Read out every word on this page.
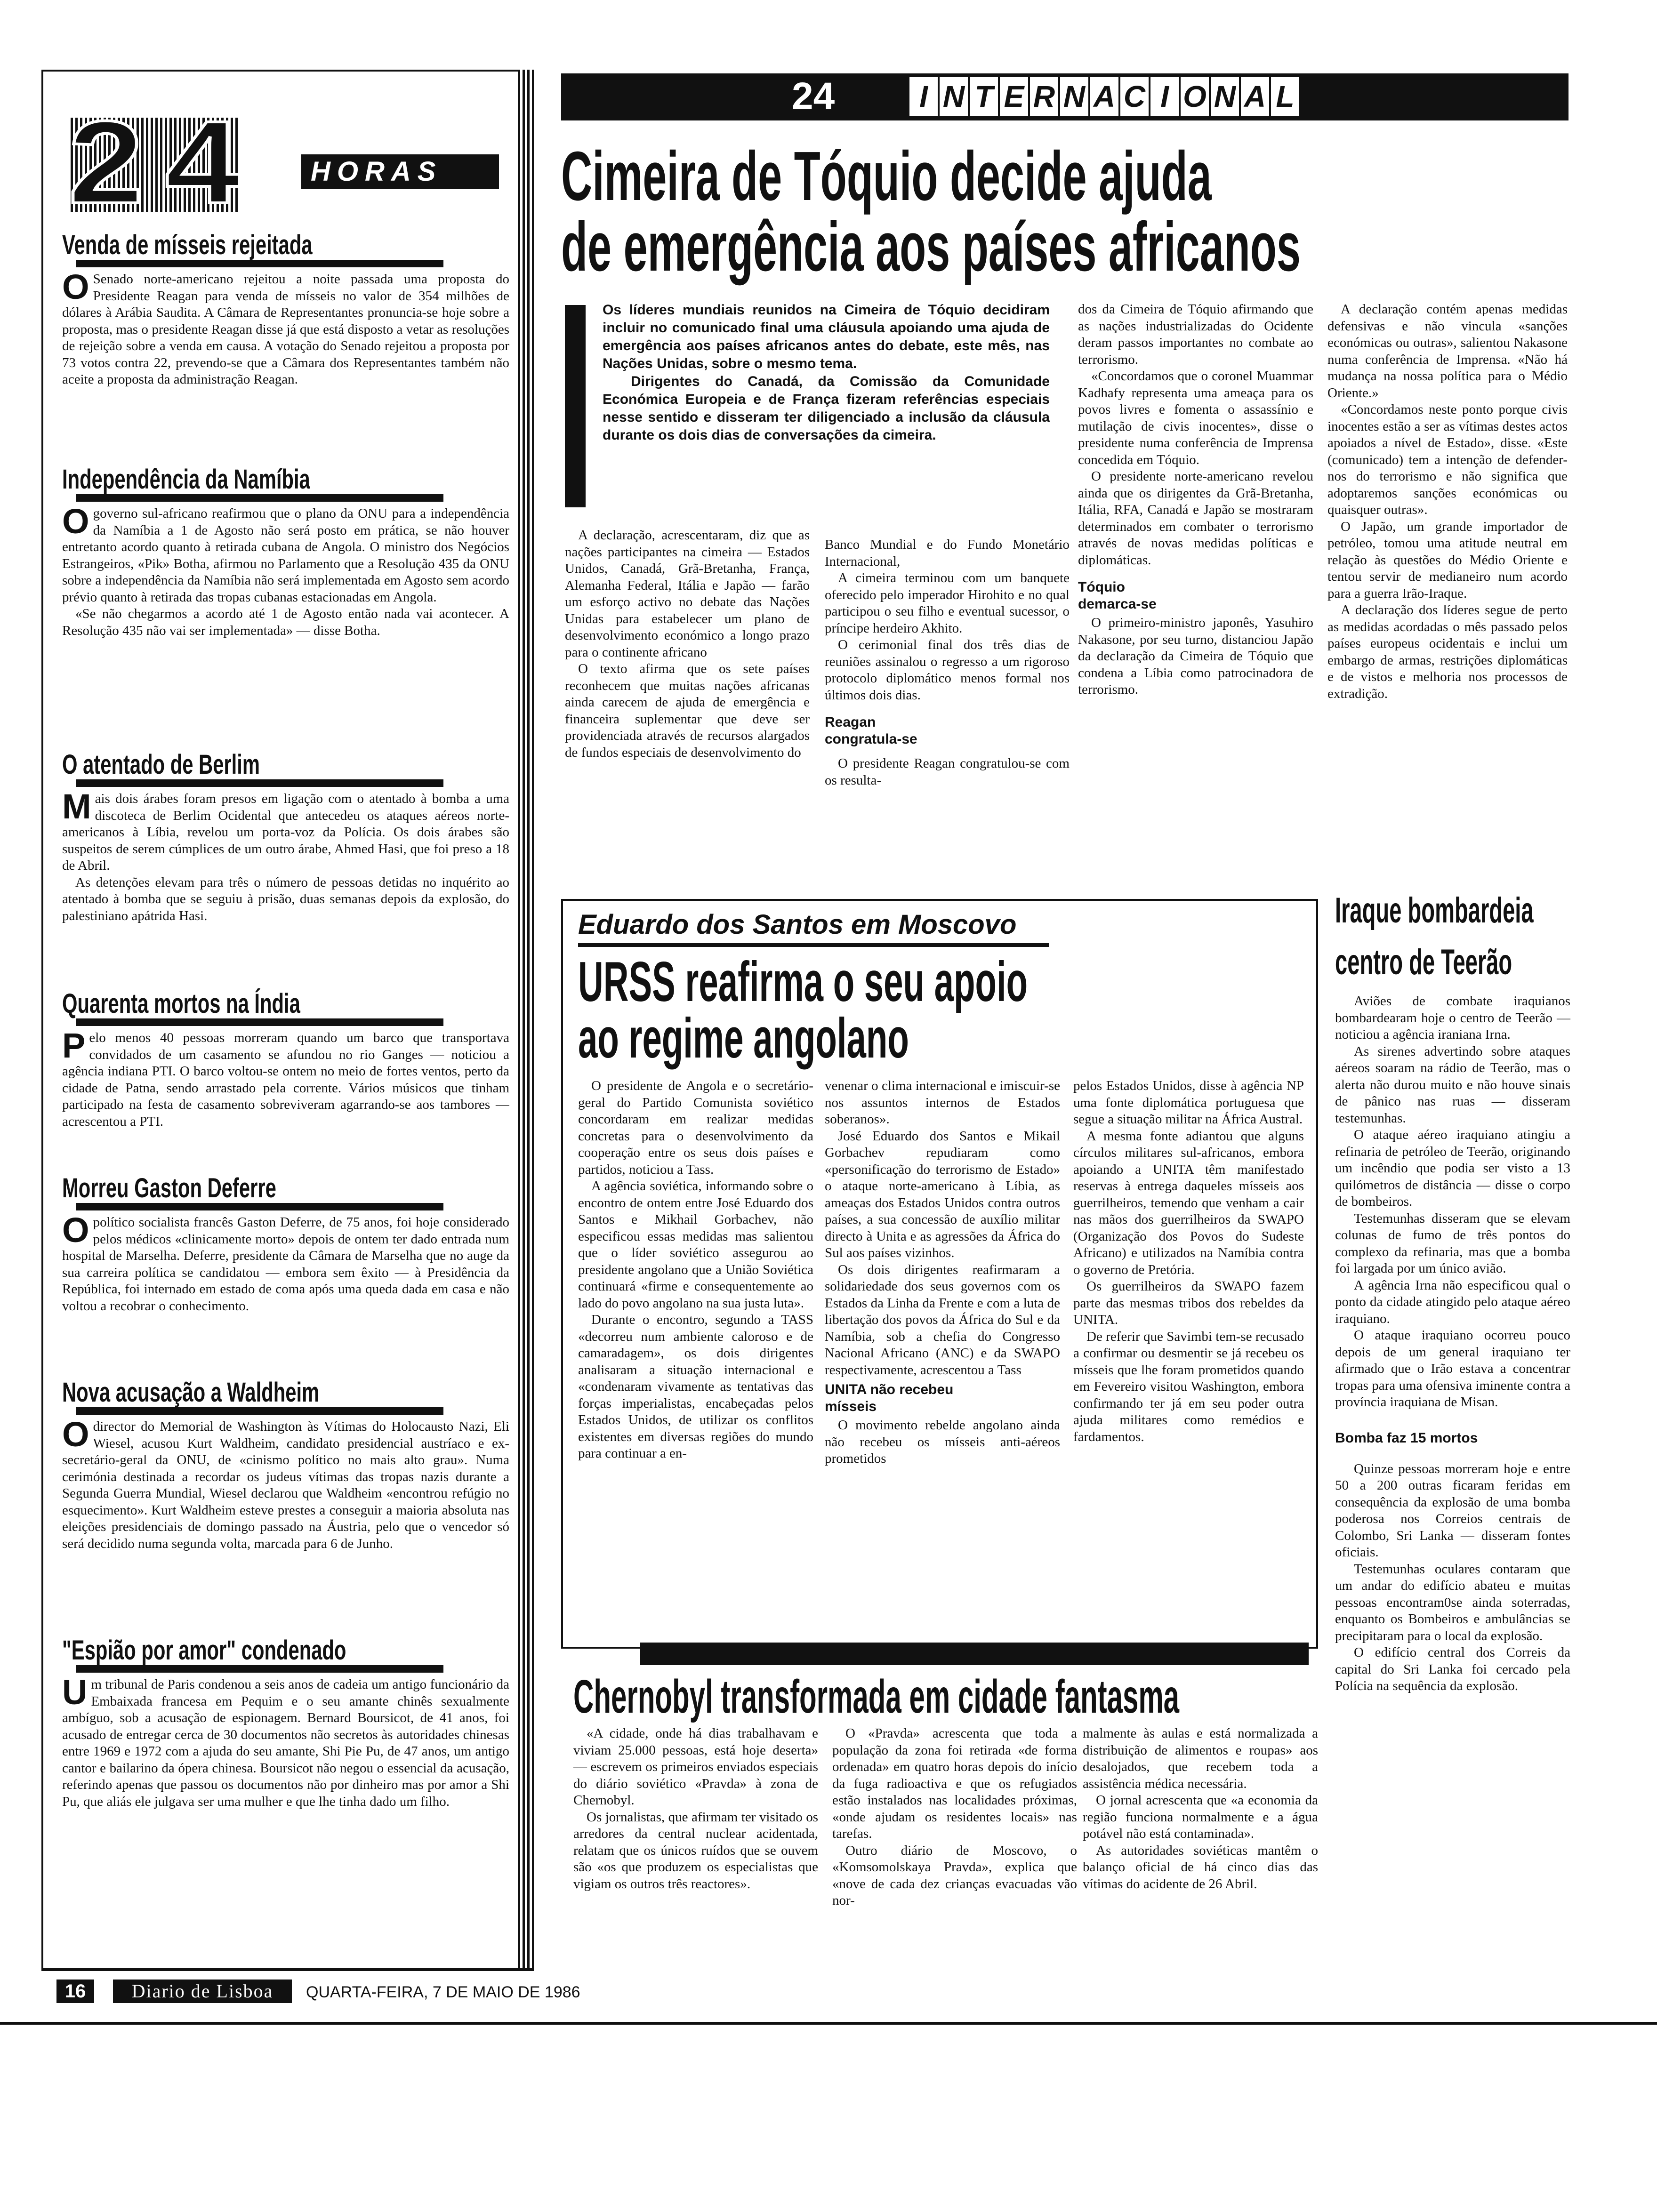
24 HORAS
Venda de mísseis rejeitada

O Senado norte-americano rejeitou a noite passada uma proposta do Presidente Reagan para venda de mísseis no valor de 354 milhões de dólares à Arábia Saudita. A Câmara de Representantes pronuncia-se hoje sobre a proposta, mas o presidente Reagan disse já que está disposto a vetar as resoluções de rejeição sobre a venda em causa. A votação do Senado rejeitou a proposta por 73 votos contra 22, prevendo-se que a Câmara dos Representantes também não aceite a proposta da administração Reagan.

Independência da Namíbia

Ogoverno sul-africano reafirmou que o plano da ONU para a independência da Namíbia a 1 de Agosto não será posto em prática, se não houver entretanto acordo quanto à retirada cubana de Angola. O ministro dos Negócios Estrangeiros, «Pik» Botha, afirmou no Parlamento que a Resolução 435 da ONU sobre a independência da Namíbia não será implementada em Agosto sem acordo prévio quanto à retirada das tropas cubanas estacionadas em Angola.

«Se não chegarmos a acordo até 1 de Agosto então nada vai acontecer. A Resolução 435 não vai ser implementada» — disse Botha.

O atentado de Berlim

Mais dois árabes foram presos em ligação com o atentado à bomba a uma discoteca de Berlim Ocidental que antecedeu os ataques aéreos norte-americanos à Líbia, revelou um porta-voz da Polícia. Os dois árabes são suspeitos de serem cúmplices de um outro árabe, Ahmed Hasi, que foi preso a 18 de Abril.

As detenções elevam para três o número de pessoas detidas no inquérito ao atentado à bomba que se seguiu à prisão, duas semanas depois da explosão, do palestiniano apátrida Hasi.

Quarenta mortos na Índia

Pelo menos 40 pessoas morreram quando um barco que transportava convidados de um casamento se afundou no rio Ganges — noticiou a agência indiana PTI. O barco voltou-se ontem no meio de fortes ventos, perto da cidade de Patna, sendo arrastado pela corrente. Vários músicos que tinham participado na festa de casamento sobreviveram agarrando-se aos tambores — acrescentou a PTI.

Morreu Gaston Deferre

Opolítico socialista francês Gaston Deferre, de 75 anos, foi hoje considerado pelos médicos «clinicamente morto» depois de ontem ter dado entrada num hospital de Marselha. Deferre, presidente da Câmara de Marselha que no auge da sua carreira política se candidatou — embora sem êxito — à Presidência da República, foi internado em estado de coma após uma queda dada em casa e não voltou a recobrar o conhecimento.

Nova acusação a Waldheim

Odirector do Memorial de Washington às Vítimas do Holocausto Nazi, Eli Wiesel, acusou Kurt Waldheim, candidato presidencial austríaco e ex-secretário-geral da ONU, de «cinismo político no mais alto grau». Numa cerimónia destinada a recordar os judeus vítimas das tropas nazis durante a Segunda Guerra Mundial, Wiesel declarou que Waldheim «encontrou refúgio no esquecimento». Kurt Waldheim esteve prestes a conseguir a maioria absoluta nas eleições presidenciais de domingo passado na Áustria, pelo que o vencedor só será decidido numa segunda volta, marcada para 6 de Junho.

"Espião por amor" condenado

Um tribunal de Paris condenou a seis anos de cadeia um antigo funcionário da Embaixada francesa em Pequim e o seu amante chinês sexualmente ambíguo, sob a acusação de espionagem. Bernard Boursicot, de 41 anos, foi acusado de entregar cerca de 30 documentos não secretos às autoridades chinesas entre 1969 e 1972 com a ajuda do seu amante, Shi Pie Pu, de 47 anos, um antigo cantor e bailarino da ópera chinesa. Boursicot não negou o essencial da acusação, referindo apenas que passou os documentos não por dinheiro mas por amor a Shi Pu, que aliás ele julgava ser uma mulher e que lhe tinha dado um filho.

24	I N T E R N A C I O N A L
Cimeira de Tóquio decide ajuda
de emergência aos países africanos

Os líderes mundiais reunidos na Cimeira de Tóquio decidiram incluir no comunicado final uma cláusula apoiando uma ajuda de emergência aos países africanos antes do debate, este mês, nas Nações Unidas, sobre o mesmo tema.

Dirigentes do Canadá, da Comissão da Comunidade Económica Europeia e de França fizeram referências especiais nesse sentido e disseram ter diligenciado a inclusão da cláusula durante os dois dias de conversações da cimeira.

A declaração, acrescentaram, diz que as nações participantes na cimeira — Estados Unidos, Canadá, Grã-Bretanha, França, Alemanha Federal, Itália e Japão — farão um esforço activo no debate das Nações Unidas para estabelecer um plano de desenvolvimento económico a longo prazo para o continente africano

O texto afirma que os sete países reconhecem que muitas nações africanas ainda carecem de ajuda de emergência e financeira suplementar que deve ser providenciada através de recursos alargados de fundos especiais de desenvolvimento do

Banco Mundial e do Fundo Monetário Internacional,

A cimeira terminou com um banquete oferecido pelo imperador Hirohito e no qual participou o seu filho e eventual sucessor, o príncipe herdeiro Akhito.

O cerimonial final dos três dias de reuniões assinalou o regresso a um rigoroso protocolo diplomático menos formal nos últimos dois dias.

Reagan congratula-se

O presidente Reagan congratulou-se com os resulta-

dos da Cimeira de Tóquio afirmando que as nações industrializadas do Ocidente deram passos importantes no combate ao terrorismo.

«Concordamos que o coronel Muammar Kadhafy representa uma ameaça para os povos livres e fomenta o assassínio e mutilação de civis inocentes», disse o presidente numa conferência de Imprensa concedida em Tóquio.

O presidente norte-americano revelou ainda que os dirigentes da Grã-Bretanha, Itália, RFA, Canadá e Japão se mostraram determinados em combater o terrorismo através de novas medidas políticas e diplomáticas.

Tóquio demarca-se

O primeiro-ministro japonês, Yasuhiro Nakasone, por seu turno, distanciou Japão da declaração da Cimeira de Tóquio que condena a Líbia como patrocinadora de terrorismo.

A declaração contém apenas medidas defensivas e não vincula «sanções económicas ou outras», salientou Nakasone numa conferência de Imprensa. «Não há mudança na nossa política para o Médio Oriente.»

«Concordamos neste ponto porque civis inocentes estão a ser as vítimas destes actos apoiados a nível de Estado», disse. «Este (comunicado) tem a intenção de defender-nos do terrorismo e não significa que adoptaremos sanções económicas ou quaisquer outras».

O Japão, um grande importador de petróleo, tomou uma atitude neutral em relação às questões do Médio Oriente e tentou servir de medianeiro num acordo para a guerra Irão-Iraque.

A declaração dos líderes segue de perto as medidas acordadas o mês passado pelos países europeus ocidentais e inclui um embargo de armas, restrições diplomáticas e de vistos e melhoria nos processos de extradição.

Eduardo dos Santos em Moscovo
URSS reafirma o seu apoio
ao regime angolano

O presidente de Angola e o secretário-geral do Partido Comunista soviético concordaram em realizar medidas concretas para o desenvolvimento da cooperação entre os seus dois países e partidos, noticiou a Tass.

A agência soviética, informando sobre o encontro de ontem entre José Eduardo dos Santos e Mikhail Gorbachev, não especificou essas medidas mas salientou que o líder soviético assegurou ao presidente angolano que a União Soviética continuará «firme e consequentemente ao lado do povo angolano na sua justa luta».

Durante o encontro, segundo a TASS «decorreu num ambiente caloroso e de camaradagem», os dois dirigentes analisaram a situação internacional e «condenaram vivamente as tentativas das forças imperialistas, encabeçadas pelos Estados Unidos, de utilizar os conflitos existentes em diversas regiões do mundo para continuar a en-

venenar o clima internacional e imiscuir-se nos assuntos internos de Estados soberanos».

José Eduardo dos Santos e Mikail Gorbachev repudiaram como «personificação do terrorismo de Estado» o ataque norte-americano à Líbia, as ameaças dos Estados Unidos contra outros países, a sua concessão de auxílio militar directo à Unita e as agressões da África do Sul aos países vizinhos.

Os dois dirigentes reafirmaram a solidariedade dos seus governos com os Estados da Linha da Frente e com a luta de libertação dos povos da África do Sul e da Namíbia, sob a chefia do Congresso Nacional Africano (ANC) e da SWAPO respectivamente, acrescentou a Tass

UNITA não recebeu mísseis

O movimento rebelde angolano ainda não recebeu os mísseis anti-aéreos prometidos

pelos Estados Unidos, disse à agência NP uma fonte diplomática portuguesa que segue a situação militar na África Austral.

A mesma fonte adiantou que alguns círculos militares sul-africanos, embora apoiando a UNITA têm manifestado reservas à entrega daqueles mísseis aos guerrilheiros, temendo que venham a cair nas mãos dos guerrilheiros da SWAPO (Organização dos Povos do Sudeste Africano) e utilizados na Namíbia contra o governo de Pretória.

Os guerrilheiros da SWAPO fazem parte das mesmas tribos dos rebeldes da UNITA.

De referir que Savimbi tem-se recusado a confirmar ou desmentir se já recebeu os mísseis que lhe foram prometidos quando em Fevereiro visitou Washington, embora confirmando ter já em seu poder outra ajuda militares como remédios e fardamentos.

Iraque bombardeia
centro de Teerão

Aviões de combate iraquianos bombardearam hoje o centro de Teerão — noticiou a agência iraniana Irna.

As sirenes advertindo sobre ataques aéreos soaram na rádio de Teerão, mas o alerta não durou muito e não houve sinais de pânico nas ruas — disseram testemunhas.

O ataque aéreo iraquiano atingiu a refinaria de petróleo de Teerão, originando um incêndio que podia ser visto a 13 quilómetros de distância — disse o corpo de bombeiros.

Testemunhas disseram que se elevam colunas de fumo de três pontos do complexo da refinaria, mas que a bomba foi largada por um único avião.

A agência Irna não especificou qual o ponto da cidade atingido pelo ataque aéreo iraquiano.

O ataque iraquiano ocorreu pouco depois de um general iraquiano ter afirmado que o Irão estava a concentrar tropas para uma ofensiva iminente contra a província iraquiana de Misan.

Bomba faz 15 mortos

Quinze pessoas morreram hoje e entre 50 a 200 outras ficaram feridas em consequência da explosão de uma bomba poderosa nos Correios centrais de Colombo, Sri Lanka — disseram fontes oficiais.

Testemunhas oculares contaram que um andar do edifício abateu e muitas pessoas encontram0se ainda soterradas, enquanto os Bombeiros e ambulâncias se precipitaram para o local da explosão.

O edifício central dos Correis da capital do Sri Lanka foi cercado pela Polícia na sequência da explosão.

Chernobyl transformada em cidade fantasma

«A cidade, onde há dias trabalhavam e viviam 25.000 pessoas, está hoje deserta» — escrevem os primeiros enviados especiais do diário soviético «Pravda» à zona de Chernobyl.

Os jornalistas, que afirmam ter visitado os arredores da central nuclear acidentada, relatam que os únicos ruídos que se ouvem são «os que produzem os especialistas que vigiam os outros três reactores».

O «Pravda» acrescenta que toda a população da zona foi retirada «de forma ordenada» em quatro horas depois do início da fuga radioactiva e que os refugiados estão instalados nas localidades próximas, «onde ajudam os residentes locais» nas tarefas.

Outro diário de Moscovo, o «Komsomolskaya Pravda», explica que «nove de cada dez crianças evacuadas vão nor-

malmente às aulas e está normalizada a distribuição de alimentos e roupas» aos desalojados, que recebem toda a assistência médica necessária.

O jornal acrescenta que «a economia da região funciona normalmente e a água potável não está contaminada».

As autoridades soviéticas mantêm o balanço oficial de há cinco dias das vítimas do acidente de 26 Abril.

16	Diario de Lisboa	QUARTA-FEIRA, 7 DE MAIO DE 1986
